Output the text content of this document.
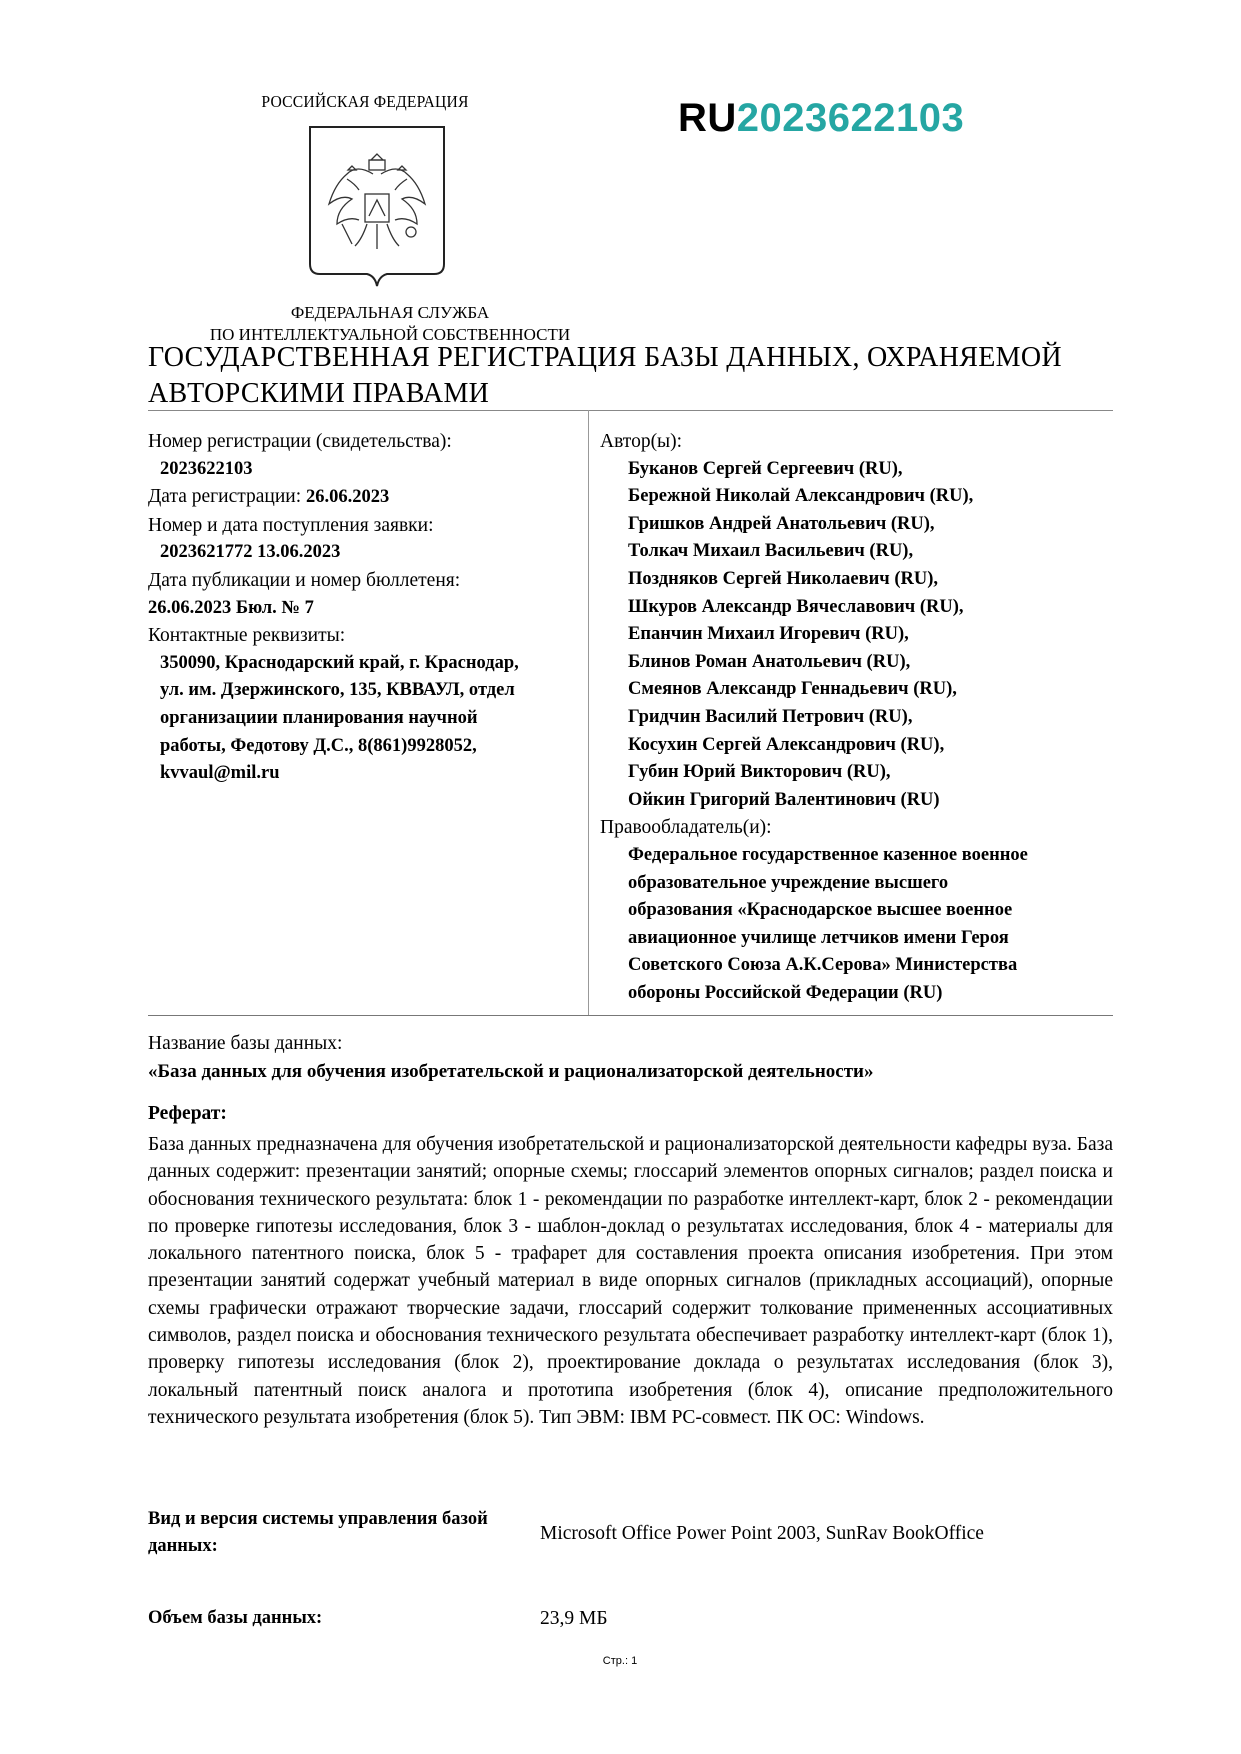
РОССИЙСКАЯ ФЕДЕРАЦИЯ	RU2023622103
ФЕДЕРАЛЬНАЯ СЛУЖБА
ПО ИНТЕЛЛЕКТУАЛЬНОЙ СОБСТВЕННОСТИ
ГОСУДАРСТВЕННАЯ РЕГИСТРАЦИЯ БАЗЫ ДАННЫХ, ОХРАНЯЕМОЙ АВТОРСКИМИ ПРАВАМИ
Номер регистрации (свидетельства):
2023622103
Дата регистрации: 26.06.2023
Номер и дата поступления заявки:
2023621772 13.06.2023
Дата публикации и номер бюллетеня:
26.06.2023 Бюл. № 7
Контактные реквизиты:
350090, Краснодарский край, г. Краснодар,
ул. им. Дзержинского, 135, КВВАУЛ, отдел
организациии планирования научной
работы, Федотову Д.С., 8(861)9928052,
kvvaul@mil.ru
Автор(ы):
Буканов Сергей Сергеевич (RU),
Бережной Николай Александрович (RU),
Гришков Андрей Анатольевич (RU),
Толкач Михаил Васильевич (RU),
Поздняков Сергей Николаевич (RU),
Шкуров Александр Вячеславович (RU),
Епанчин Михаил Игоревич (RU),
Блинов Роман Анатольевич (RU),
Смеянов Александр Геннадьевич (RU),
Гридчин Василий Петрович (RU),
Косухин Сергей Александрович (RU),
Губин Юрий Викторович (RU),
Ойкин Григорий Валентинович (RU)
Правообладатель(и):
Федеральное государственное казенное военное
образовательное учреждение высшего
образования «Краснодарское высшее военное
авиационное училище летчиков имени Героя
Советского Союза А.К.Серова» Министерства
обороны Российской Федерации (RU)
Название базы данных:
«База данных для обучения изобретательской и рационализаторской деятельности»
Реферат:
База данных предназначена для обучения изобретательской и рационализаторской деятельности кафедры вуза. База данных содержит: презентации занятий; опорные схемы; глоссарий элементов опорных сигналов; раздел поиска и обоснования технического результата: блок 1 - рекомендации по разработке интеллект-карт, блок 2 - рекомендации по проверке гипотезы исследования, блок 3 - шаблон-доклад о результатах исследования, блок 4 - материалы для локального патентного поиска, блок 5 - трафарет для составления проекта описания изобретения. При этом презентации занятий содержат учебный материал в виде опорных сигналов (прикладных ассоциаций), опорные схемы графически отражают творческие задачи, глоссарий содержит толкование примененных ассоциативных символов, раздел поиска и обоснования технического результата обеспечивает разработку интеллект-карт (блок 1), проверку гипотезы исследования (блок 2), проектирование доклада о результатах исследования (блок 3), локальный патентный поиск аналога и прототипа изобретения (блок 4), описание предположительного технического результата изобретения (блок 5). Тип ЭВМ: IBM PC-совмест. ПК ОС: Windows.
Вид и версия системы управления базой данных:
Microsoft Office Power Point 2003, SunRav BookOffice
Объем базы данных:	23,9 МБ
Стр.: 1
